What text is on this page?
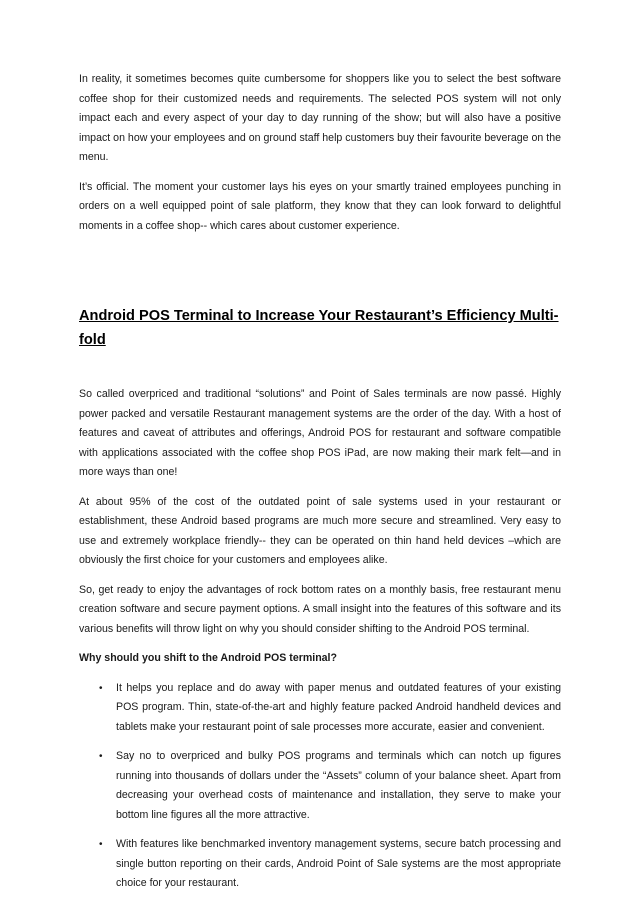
In reality, it sometimes becomes quite cumbersome for shoppers like you to select the best software coffee shop for their customized needs and requirements. The selected POS system will not only impact each and every aspect of your day to day running of the show; but will also have a positive impact on how your employees and on ground staff help customers buy their favourite beverage on the menu.

It’s official. The moment your customer lays his eyes on your smartly trained employees punching in orders on a well equipped point of sale platform, they know that they can look forward to delightful moments in a coffee shop-- which cares about customer experience.

Android POS Terminal to Increase Your Restaurant’s Efficiency Multi-fold

So called overpriced and traditional “solutions” and Point of Sales terminals are now passé. Highly power packed and versatile Restaurant management systems are the order of the day. With a host of features and caveat of attributes and offerings, Android POS for restaurant and software compatible with applications associated with the coffee shop POS iPad, are now making their mark felt—and in more ways than one!

At about 95% of the cost of the outdated point of sale systems used in your restaurant or establishment, these Android based programs are much more secure and streamlined. Very easy to use and extremely workplace friendly-- they can be operated on thin hand held devices –which are obviously the first choice for your customers and employees alike.

So, get ready to enjoy the advantages of rock bottom rates on a monthly basis, free restaurant menu creation software and secure payment options. A small insight into the features of this software and its various benefits will throw light on why you should consider shifting to the Android POS terminal.

Why should you shift to the Android POS terminal?

• It helps you replace and do away with paper menus and outdated features of your existing POS program. Thin, state-of-the-art and highly feature packed Android handheld devices and tablets make your restaurant point of sale processes more accurate, easier and convenient.
• Say no to overpriced and bulky POS programs and terminals which can notch up figures running into thousands of dollars under the “Assets” column of your balance sheet. Apart from decreasing your overhead costs of maintenance and installation, they serve to make your bottom line figures all the more attractive.
• With features like benchmarked inventory management systems, secure batch processing and single button reporting on their cards, Android Point of Sale systems are the most appropriate choice for your restaurant.
